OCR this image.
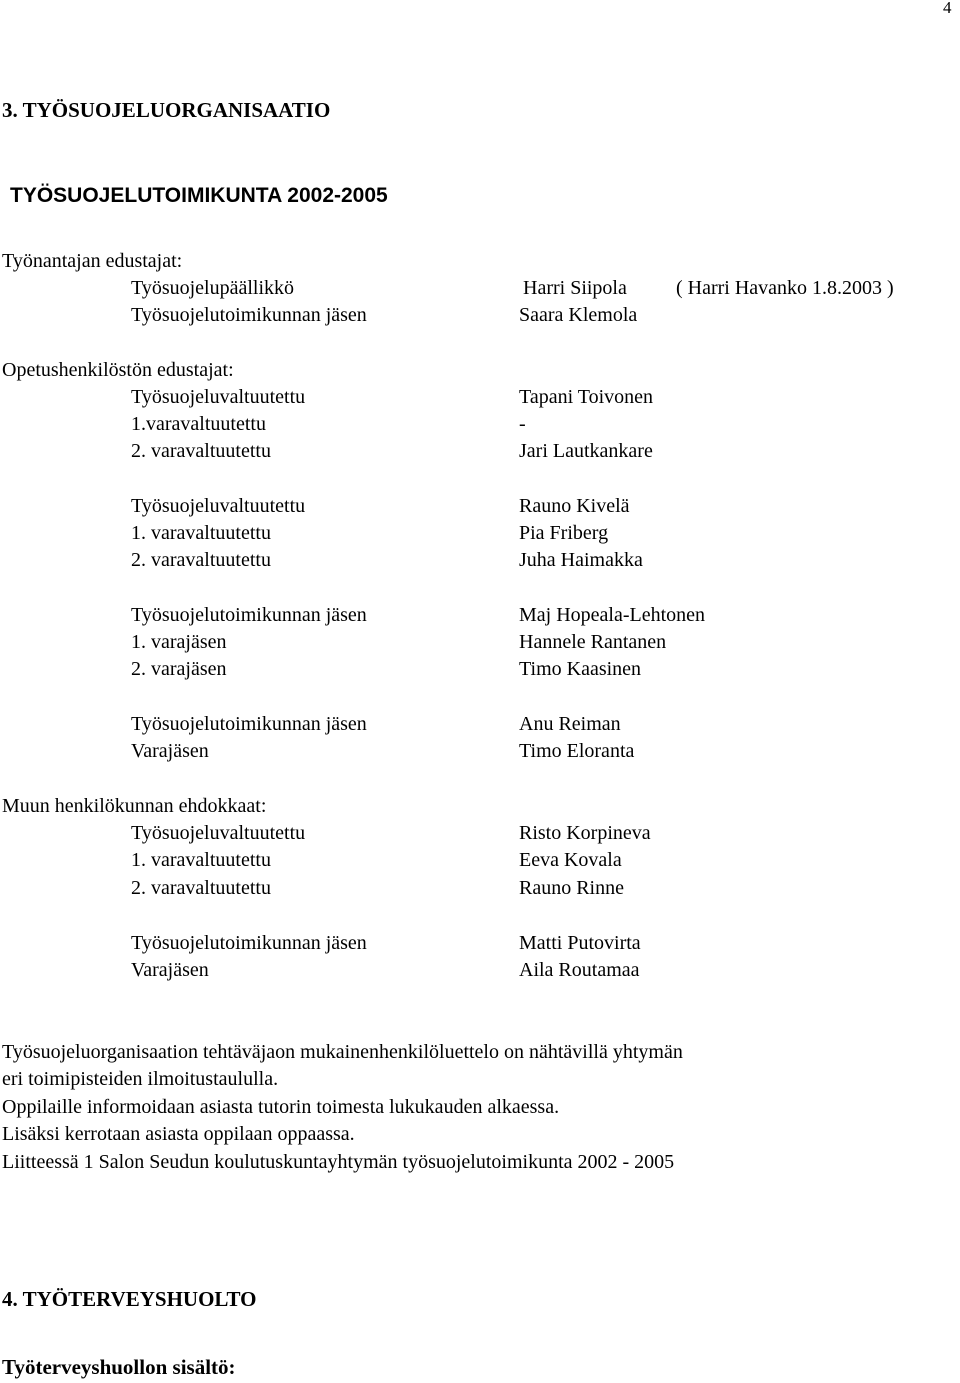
4
3. TYÖSUOJELUORGANISAATIO
TYÖSUOJELUTOIMIKUNTA 2002-2005
Työnantajan edustajat:
Työsuojelupäällikkö	Harri Siipola ( Harri Havanko 1.8.2003 )
Työsuojelutoimikunnan jäsen	Saara Klemola
Opetushenkilöstön edustajat:
Työsuojeluvaltuutettu	Tapani Toivonen
1.varavaltuutettu	-
2. varavaltuutettu	Jari Lautkankare
Työsuojeluvaltuutettu	Rauno Kivelä
1. varavaltuutettu	Pia Friberg
2. varavaltuutettu	Juha Haimakka
Työsuojelutoimikunnan jäsen	Maj Hopeala-Lehtonen
1. varajäsen	Hannele Rantanen
2. varajäsen	Timo Kaasinen
Työsuojelutoimikunnan jäsen	Anu Reiman
Varajäsen	Timo Eloranta
Muun henkilökunnan ehdokkaat:
Työsuojeluvaltuutettu	Risto Korpineva
1. varavaltuutettu	Eeva Kovala
2. varavaltuutettu	Rauno Rinne
Työsuojelutoimikunnan jäsen	Matti Putovirta
Varajäsen	Aila Routamaa
Työsuojeluorganisaation tehtäväjaon mukainenhenkilöluettelo on nähtävillä yhtymän
eri toimipisteiden ilmoitustaululla.
Oppilaille informoidaan asiasta tutorin toimesta lukukauden alkaessa.
Lisäksi kerrotaan asiasta oppilaan oppaassa.
Liitteessä 1 Salon Seudun koulutuskuntayhtymän työsuojelutoimikunta 2002 - 2005
4. TYÖTERVEYSHUOLTO
Työterveyshuollon sisältö:
